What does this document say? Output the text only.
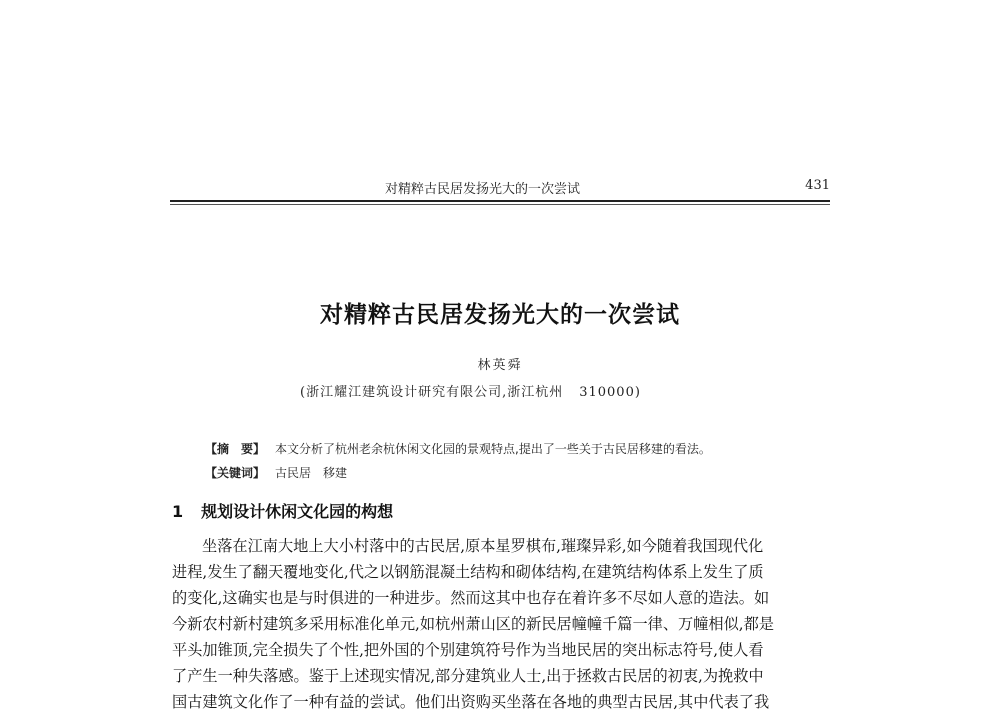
对精粹古民居发扬光大的一次尝试	431
对精粹古民居发扬光大的一次尝试
林英舜
(浙江耀江建筑设计研究有限公司,浙江杭州 310000)
【摘　要】 本文分析了杭州老余杭休闲文化园的景观特点,提出了一些关于古民居移建的看法。
【关键词】 古民居　移建
1 规划设计休闲文化园的构想
坐落在江南大地上大小村落中的古民居,原本星罗棋布,璀璨异彩,如今随着我国现代化
进程,发生了翻天覆地变化,代之以钢筋混凝土结构和砌体结构,在建筑结构体系上发生了质
的变化,这确实也是与时俱进的一种进步。然而这其中也存在着许多不尽如人意的造法。如
今新农村新村建筑多采用标准化单元,如杭州萧山区的新民居幢幢千篇一律、万幢相似,都是
平头加锥顶,完全损失了个性,把外国的个别建筑符号作为当地民居的突出标志符号,使人看
了产生一种失落感。鉴于上述现实情况,部分建筑业人士,出于拯救古民居的初衷,为挽救中
国古建筑文化作了一种有益的尝试。他们出资购买坐落在各地的典型古民居,其中代表了我
